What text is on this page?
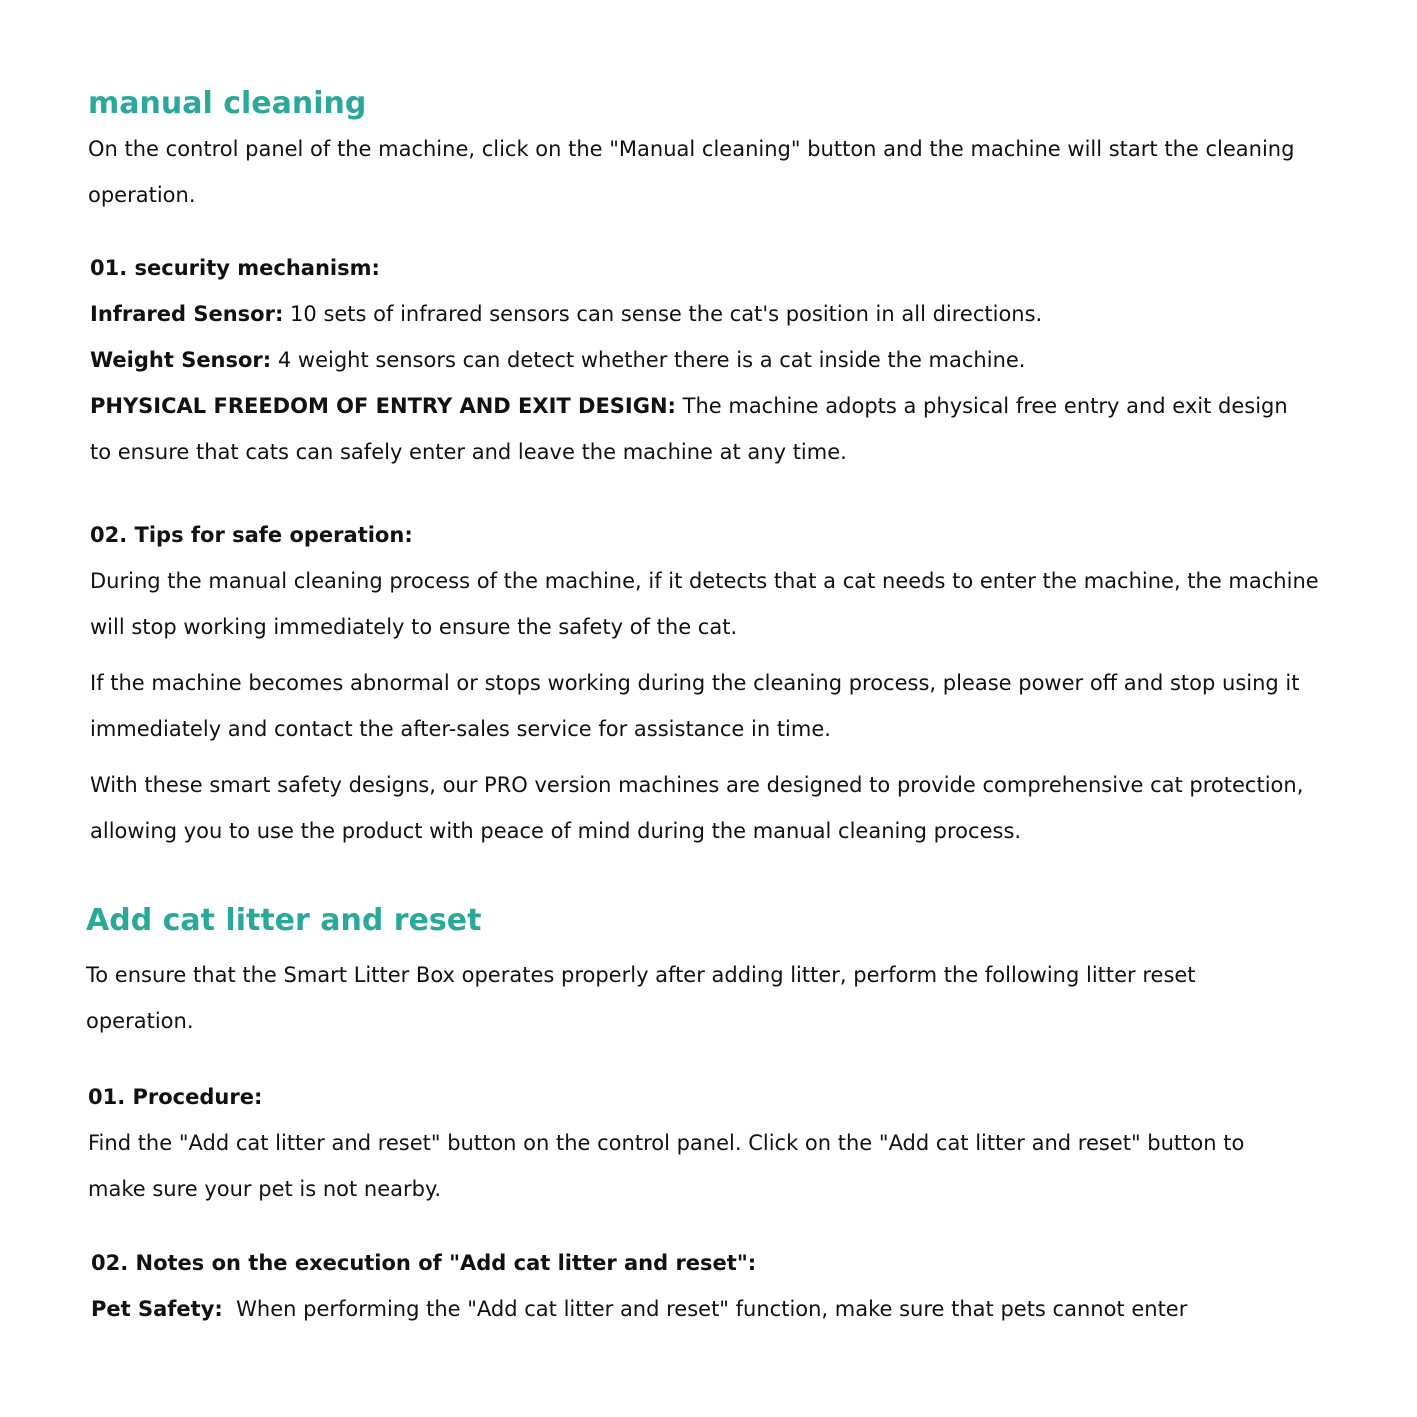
manual cleaning
On the control panel of the machine, click on the "Manual cleaning" button and the machine will start the cleaning operation.
01. security mechanism:
Infrared Sensor: 10 sets of infrared sensors can sense the cat's position in all directions.
Weight Sensor: 4 weight sensors can detect whether there is a cat inside the machine.
PHYSICAL FREEDOM OF ENTRY AND EXIT DESIGN: The machine adopts a physical free entry and exit design to ensure that cats can safely enter and leave the machine at any time.
02. Tips for safe operation:
During the manual cleaning process of the machine, if it detects that a cat needs to enter the machine, the machine will stop working immediately to ensure the safety of the cat.
If the machine becomes abnormal or stops working during the cleaning process, please power off and stop using it immediately and contact the after-sales service for assistance in time.
With these smart safety designs, our PRO version machines are designed to provide comprehensive cat protection, allowing you to use the product with peace of mind during the manual cleaning process.
Add cat litter and reset
To ensure that the Smart Litter Box operates properly after adding litter, perform the following litter reset operation.
01. Procedure:
Find the "Add cat litter and reset" button on the control panel. Click on the "Add cat litter and reset" button to make sure your pet is not nearby.
02. Notes on the execution of "Add cat litter and reset":
Pet Safety:  When performing the "Add cat litter and reset" function, make sure that pets cannot enter
